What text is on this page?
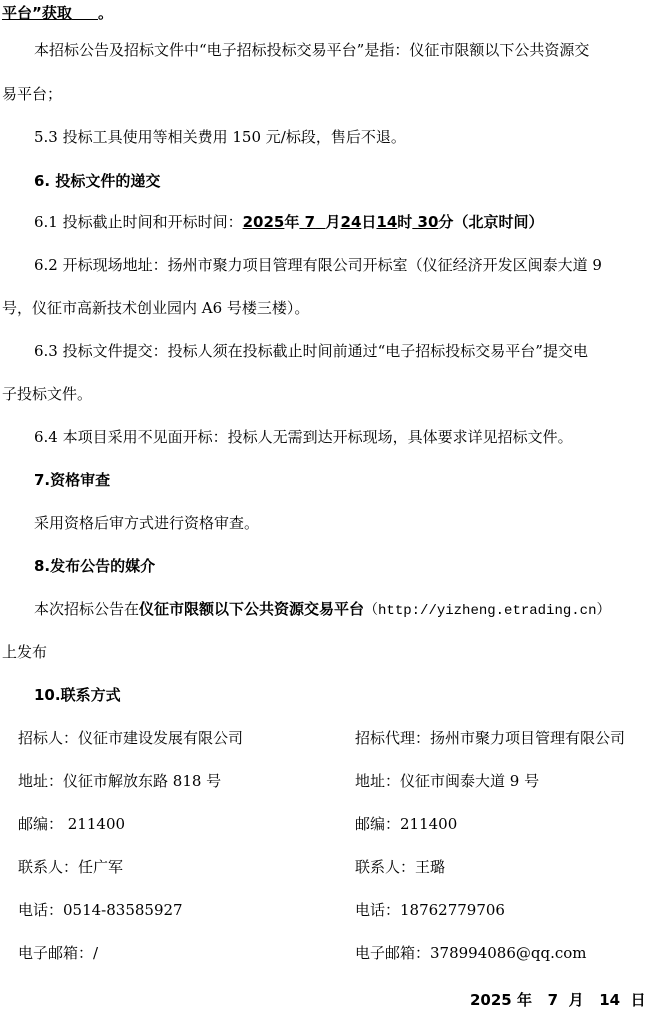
平台”获取 。
本招标公告及招标文件中“电子招标投标交易平台”是指：仪征市限额以下公共资源交
易平台；
5.3 投标工具使用等相关费用 150 元/标段，售后不退。
6. 投标文件的递交
6.1 投标截止时间和开标时间：2025年 7 月24日14时 30分（北京时间）
6.2 开标现场地址：扬州市聚力项目管理有限公司开标室（仪征经济开发区闽泰大道 9
号，仪征市高新技术创业园内 A6 号楼三楼）。
6.3 投标文件提交：投标人须在投标截止时间前通过“电子招标投标交易平台”提交电
子投标文件。
6.4 本项目采用不见面开标：投标人无需到达开标现场，具体要求详见招标文件。
7.资格审查
采用资格后审方式进行资格审查。
8.发布公告的媒介
本次招标公告在仪征市限额以下公共资源交易平台（http://yizheng.etrading.cn）
上发布
10.联系方式
招标人：仪征市建设发展有限公司	招标代理：扬州市聚力项目管理有限公司
地址：仪征市解放东路 818 号	地址：仪征市闽泰大道 9 号
邮编： 211400	邮编：211400
联系人：任广军	联系人：王璐
电话：0514-83585927	电话：18762779706
电子邮箱：/	电子邮箱：378994086@qq.com
2025 年 7 月 14 日
